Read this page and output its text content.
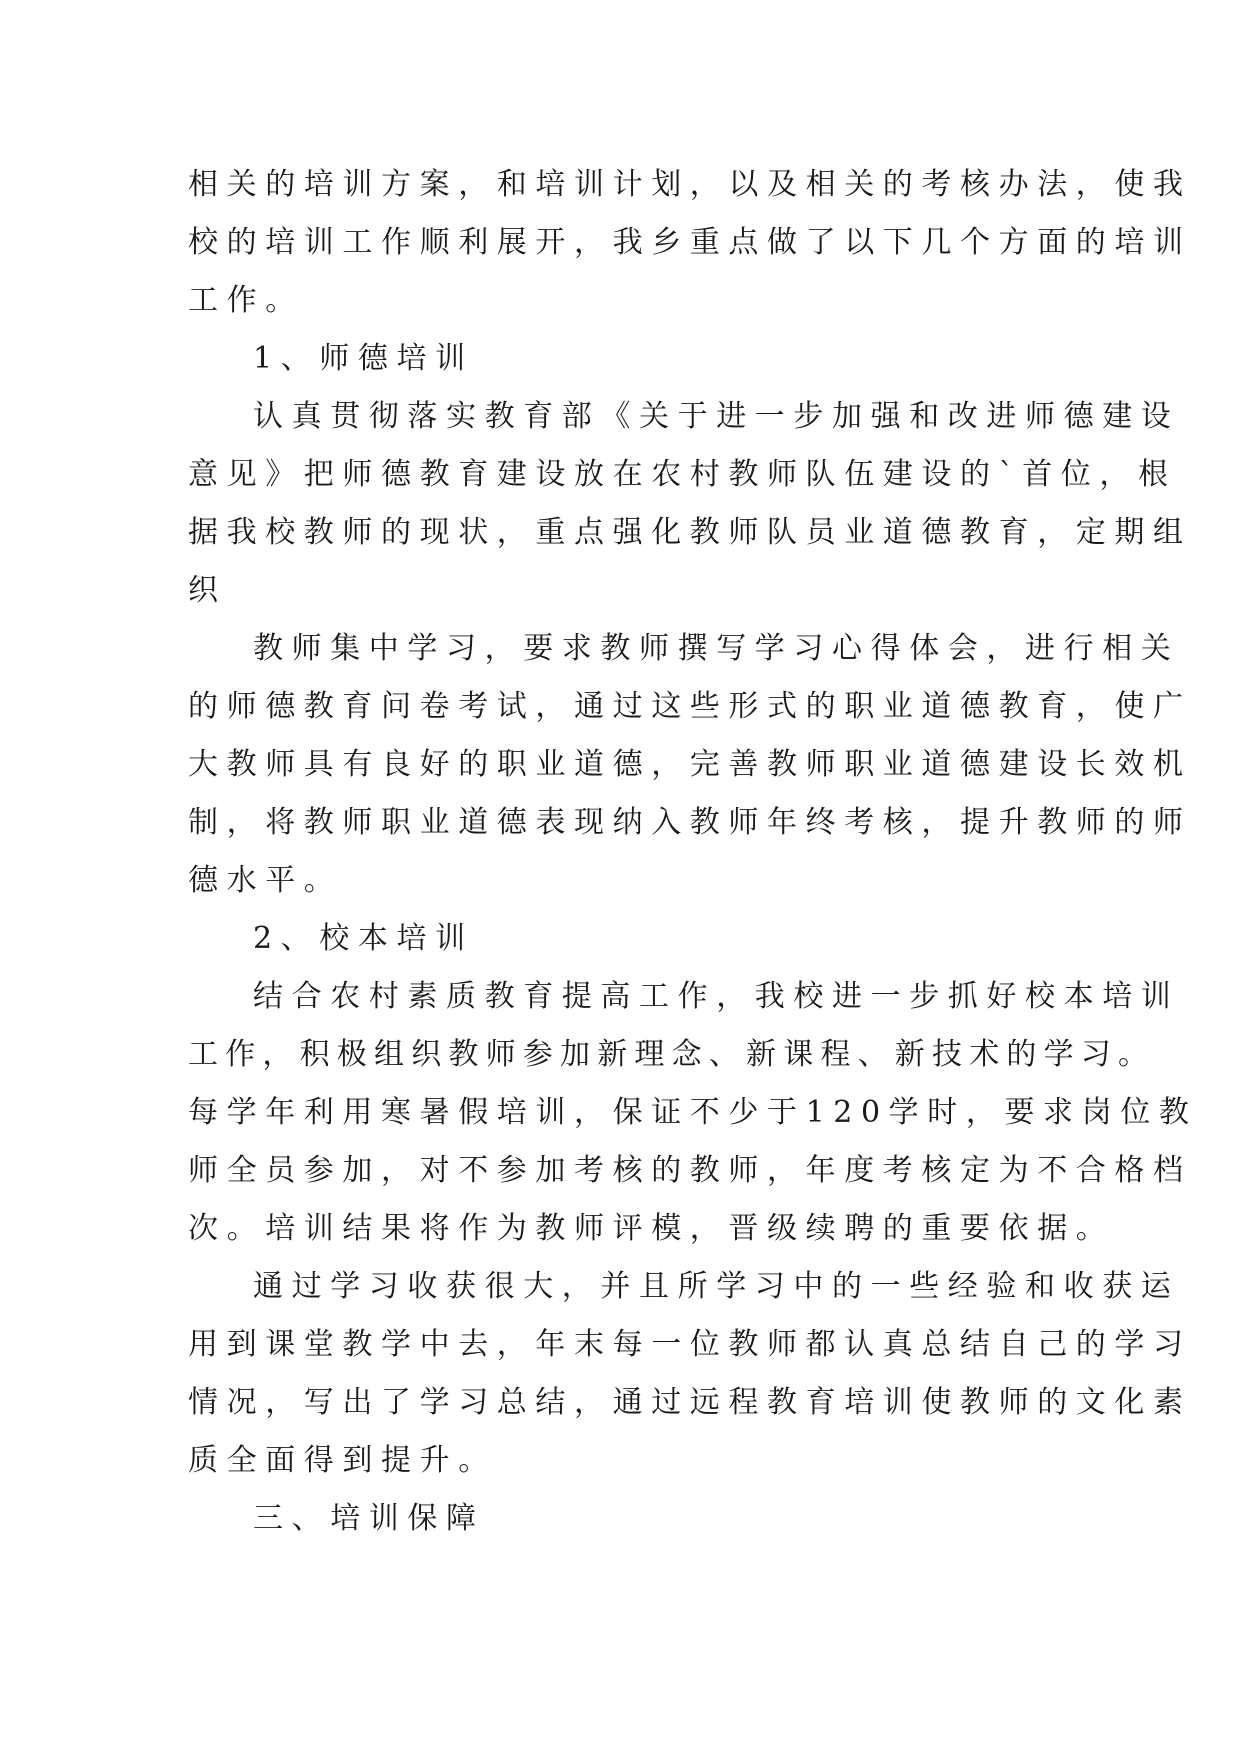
相关的培训方案，和培训计划，以及相关的考核办法，使我

校的培训工作顺利展开，我乡重点做了以下几个方面的培训

工作。

1、师德培训

认真贯彻落实教育部《关于进一步加强和改进师德建设

意见》把师德教育建设放在农村教师队伍建设的`首位，根

据我校教师的现状，重点强化教师队员业道德教育，定期组

织

教师集中学习，要求教师撰写学习心得体会，进行相关

的师德教育问卷考试，通过这些形式的职业道德教育，使广

大教师具有良好的职业道德，完善教师职业道德建设长效机

制，将教师职业道德表现纳入教师年终考核，提升教师的师

德水平。

2、校本培训

结合农村素质教育提高工作，我校进一步抓好校本培训

工作，积极组织教师参加新理念、新课程、新技术的学习。

每学年利用寒暑假培训，保证不少于120学时，要求岗位教

师全员参加，对不参加考核的教师，年度考核定为不合格档

次。培训结果将作为教师评模，晋级续聘的重要依据。

通过学习收获很大，并且所学习中的一些经验和收获运

用到课堂教学中去，年末每一位教师都认真总结自己的学习

情况，写出了学习总结，通过远程教育培训使教师的文化素

质全面得到提升。

三、培训保障
